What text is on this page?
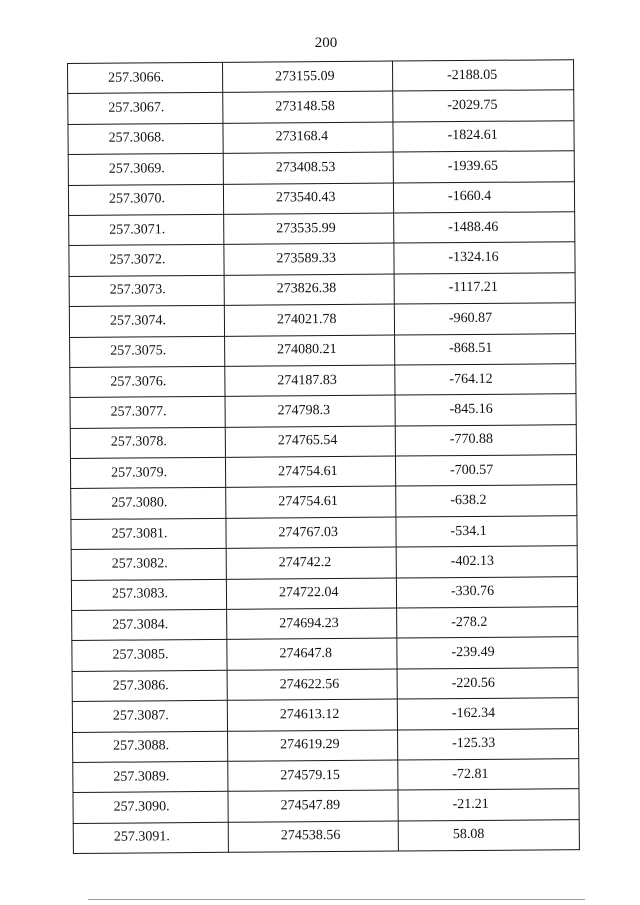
200
257.3066.	273155.09	-2188.05
257.3067.	273148.58	-2029.75
257.3068.	273168.4	-1824.61
257.3069.	273408.53	-1939.65
257.3070.	273540.43	-1660.4
257.3071.	273535.99	-1488.46
257.3072.	273589.33	-1324.16
257.3073.	273826.38	-1117.21
257.3074.	274021.78	-960.87
257.3075.	274080.21	-868.51
257.3076.	274187.83	-764.12
257.3077.	274798.3	-845.16
257.3078.	274765.54	-770.88
257.3079.	274754.61	-700.57
257.3080.	274754.61	-638.2
257.3081.	274767.03	-534.1
257.3082.	274742.2	-402.13
257.3083.	274722.04	-330.76
257.3084.	274694.23	-278.2
257.3085.	274647.8	-239.49
257.3086.	274622.56	-220.56
257.3087.	274613.12	-162.34
257.3088.	274619.29	-125.33
257.3089.	274579.15	-72.81
257.3090.	274547.89	-21.21
257.3091.	274538.56	58.08
